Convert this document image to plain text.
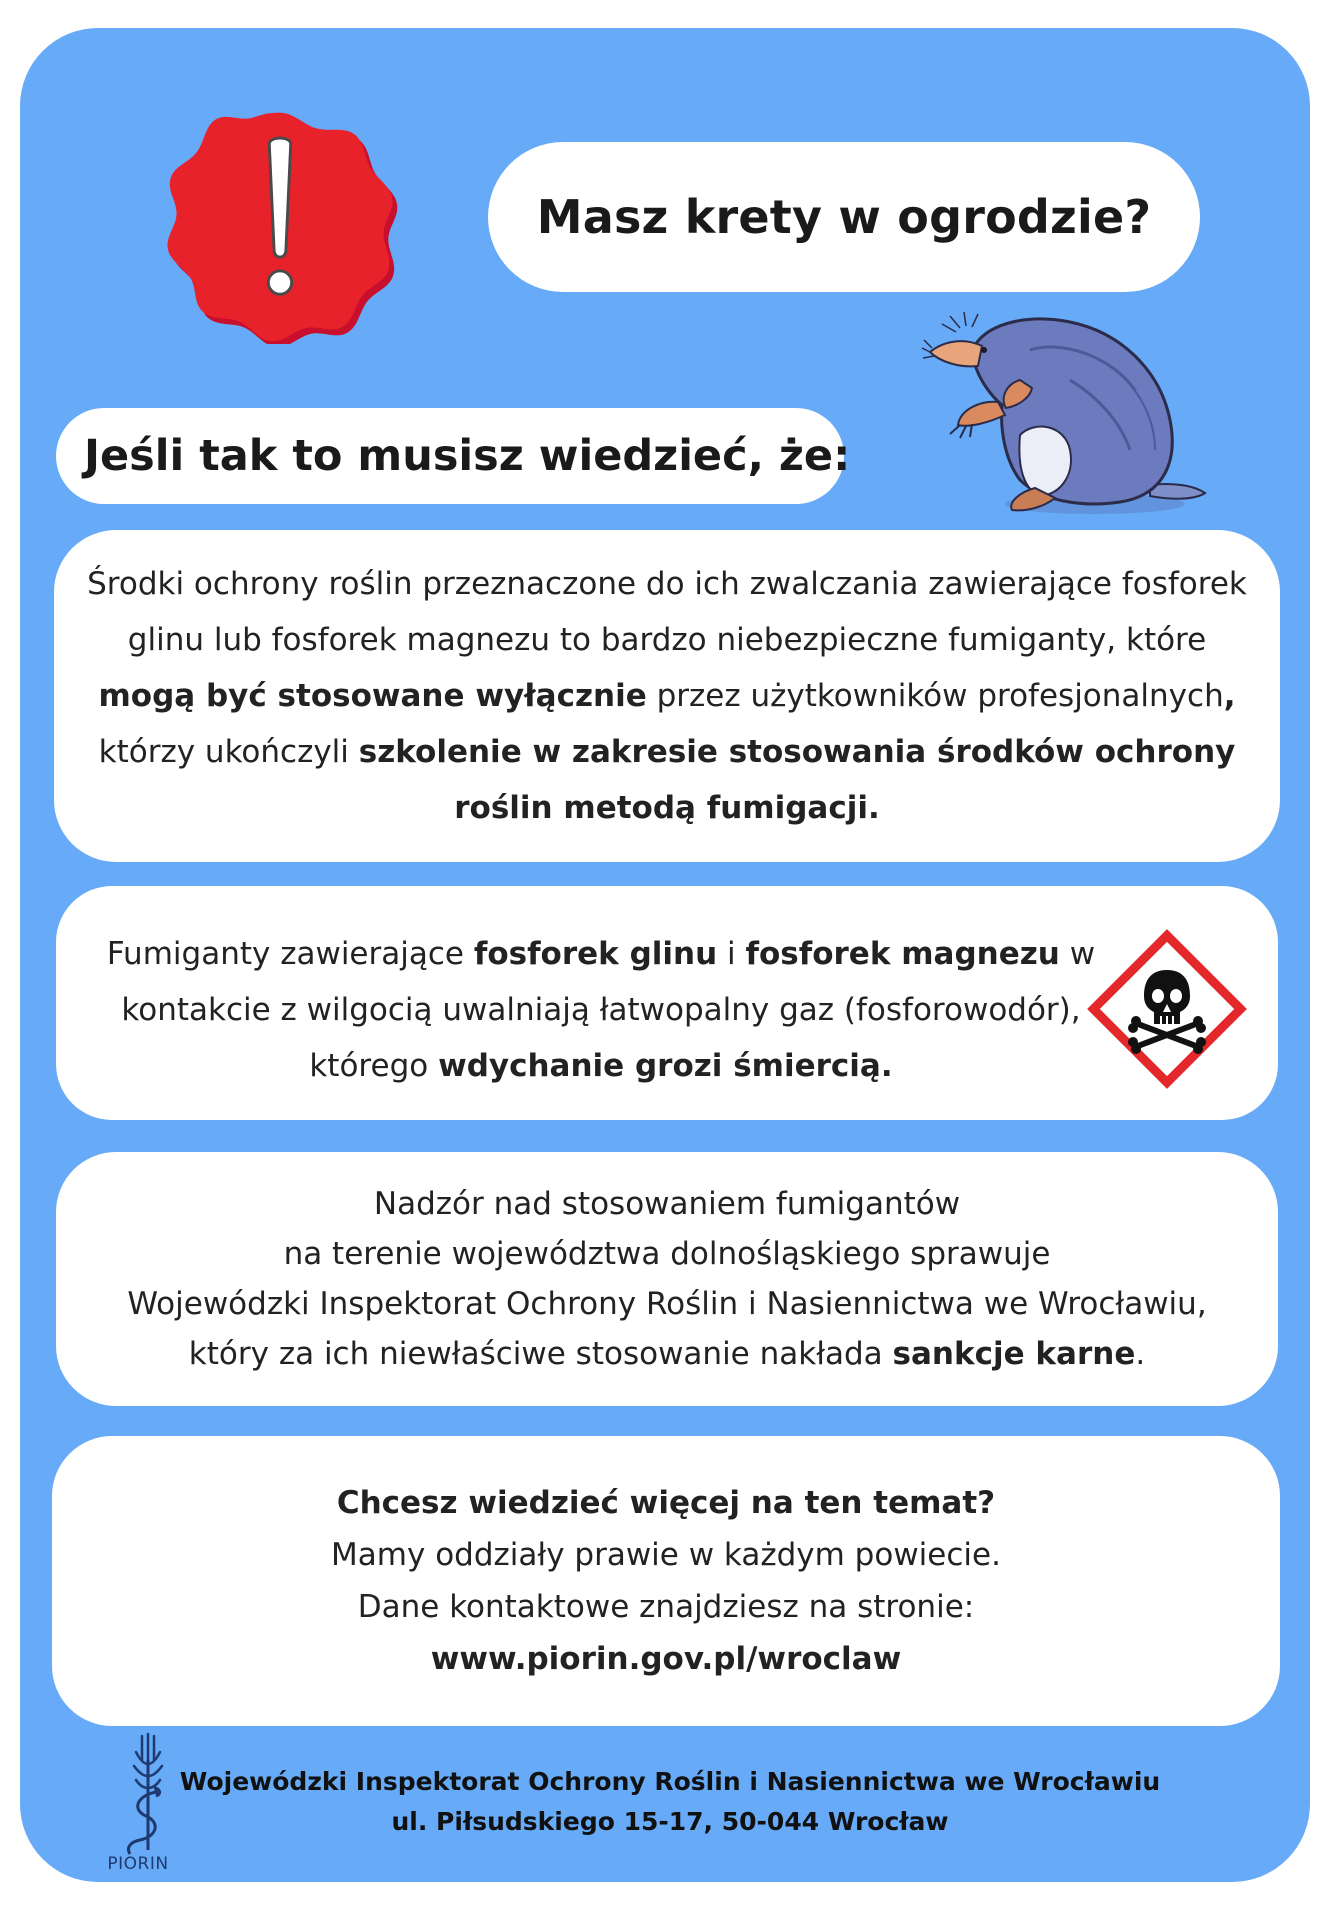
Masz krety w ogrodzie?
Jeśli tak to musisz wiedzieć, że:

Środki ochrony roślin przeznaczone do ich zwalczania zawierające fosforek glinu lub fosforek magnezu to bardzo niebezpieczne fumiganty, które mogą być stosowane wyłącznie przez użytkowników profesjonalnych, którzy ukończyli szkolenie w zakresie stosowania środków ochrony roślin metodą fumigacji.

Fumiganty zawierające fosforek glinu i fosforek magnezu w kontakcie z wilgocią uwalniają łatwopalny gaz (fosforowodór), którego wdychanie grozi śmiercią.

Nadzór nad stosowaniem fumigantów
na terenie województwa dolnośląskiego sprawuje
Wojewódzki Inspektorat Ochrony Roślin i Nasiennictwa we Wrocławiu,
który za ich niewłaściwe stosowanie nakłada sankcje karne.

Chcesz wiedzieć więcej na ten temat?
Mamy oddziały prawie w każdym powiecie.
Dane kontaktowe znajdziesz na stronie:
www.piorin.gov.pl/wroclaw

PIORIN
Wojewódzki Inspektorat Ochrony Roślin i Nasiennictwa we Wrocławiu
ul. Piłsudskiego 15-17, 50-044 Wrocław
